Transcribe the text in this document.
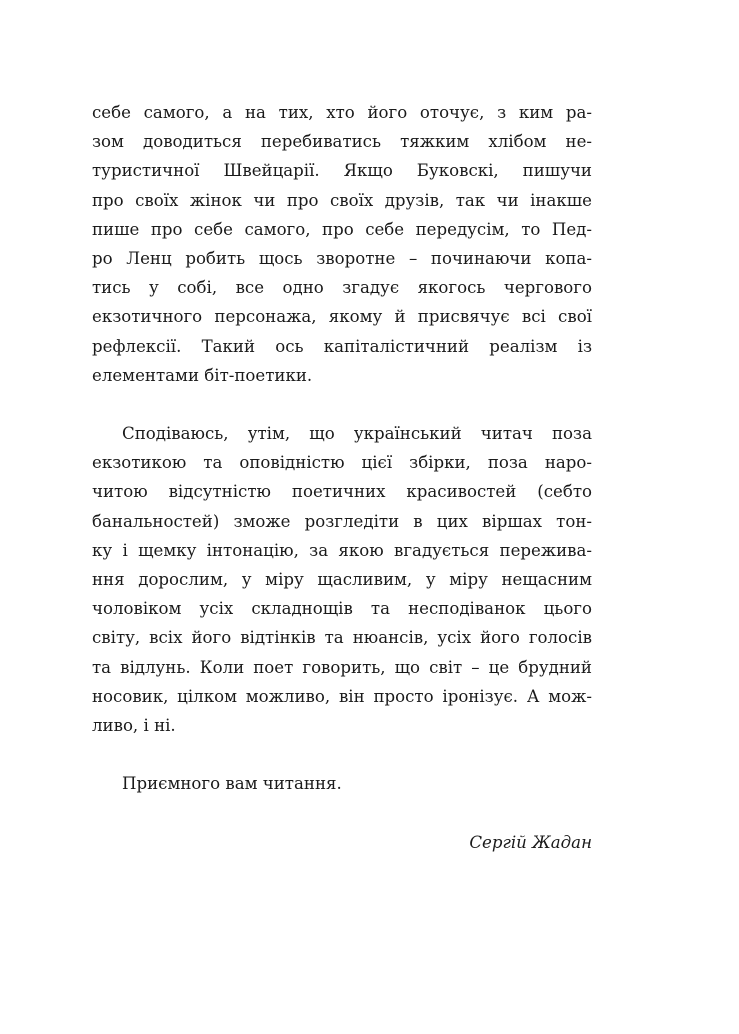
себе самого, а на тих, хто його оточує, з ким ра-
зом доводиться перебиватись тяжким хлібом не-
туристичної Швейцарії. Якщо Буковскі, пишучи
про своїх жінок чи про своїх друзів, так чи інакше
пише про себе самого, про себе передусім, то Пед-
ро Ленц робить щось зворотне – починаючи копа-
тись у собі, все одно згадує якогось чергового
екзотичного персонажа, якому й присвячує всі свої
рефлексії. Такий ось капіталістичний реалізм із
елементами біт-поетики.
Сподіваюсь, утім, що український читач поза
екзотикою та оповідністю цієї збірки, поза наро-
читою відсутністю поетичних красивостей (себто
банальностей) зможе розгледіти в цих віршах тон-
ку і щемку інтонацію, за якою вгадується пережива-
ння дорослим, у міру щасливим, у міру нещасним
чоловіком усіх складнощів та несподіванок цього
світу, всіх його відтінків та нюансів, усіх його голосів
та відлунь. Коли поет говорить, що світ – це брудний
носовик, цілком можливо, він просто іронізує. А мож-
ливо, і ні.
Приємного вам читання.
Сергій Жадан
